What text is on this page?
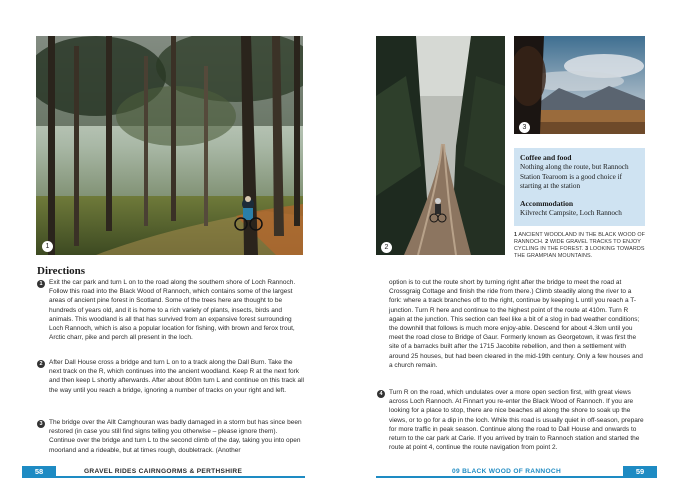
1	2
3
Coffee and food
Nothing along the route, but Rannoch Station Tearoom is a good choice if starting at the station
Accommodation
Kilvrecht Campsite, Loch Rannoch
1 ANCIENT WOODLAND IN THE BLACK WOOD OF RANNOCH. 2 WIDE GRAVEL TRACKS TO ENJOY CYCLING IN THE FOREST. 3 LOOKING TOWARDS THE GRAMPIAN MOUNTAINS.
Directions
1 Exit the car park and turn L on to the road along the southern shore of Loch Rannoch. Follow this road into the Black Wood of Rannoch, which contains some of the largest areas of ancient pine forest in Scotland. Some of the trees here are thought to be hundreds of years old, and it is home to a rich variety of plants, insects, birds and animals. This woodland is all that has survived from an expansive forest surrounding Loch Rannoch, which is also a popular location for fishing, with brown and ferox trout, Arctic charr, pike and perch all present in the loch.
2 After Dall House cross a bridge and turn L on to a track along the Dall Burn. Take the next track on the R, which continues into the ancient woodland. Keep R at the next fork and then keep L shortly afterwards. After about 800m turn L and continue on this track all the way until you reach a bridge, ignoring a number of tracks on your right and left.
3 The bridge over the Allt Camghouran was badly damaged in a storm but has since been restored (in case you still find signs telling you otherwise – please ignore them). Continue over the bridge and turn L to the second climb of the day, taking you into open moorland and a rideable, but at times rough, doubletrack. (Another
option is to cut the route short by turning right after the bridge to meet the road at Crossgraig Cottage and finish the ride from there.) Climb steadily along the river to a fork: where a track branches off to the right, continue by keeping L until you reach a T-junction. Turn R here and continue to the highest point of the route at 410m. Turn R again at the junction. This section can feel like a bit of a slog in bad weather conditions; the downhill that follows is much more enjoy-able. Descend for about 4.3km until you meet the road close to Bridge of Gaur. Formerly known as Georgetown, it was first the site of a barracks built after the 1715 Jacobite rebellion, and then a settlement with around 25 houses, but had been cleared in the mid-19th century. Only a few houses and a church remain.
4 Turn R on the road, which undulates over a more open section first, with great views across Loch Rannoch. At Finnart you re-enter the Black Wood of Rannoch. If you are looking for a place to stop, there are nice beaches all along the shore to soak up the views, or to go for a dip in the loch. While this road is usually quiet in off-season, prepare for more traffic in peak season. Continue along the road to Dall House and onwards to return to the car park at Carie. If you arrived by train to Rannoch station and started the route at point 4, continue the route navigation from point 2.
58	GRAVEL RIDES CAIRNGORMS & PERTHSHIRE	09 BLACK WOOD OF RANNOCH	59
